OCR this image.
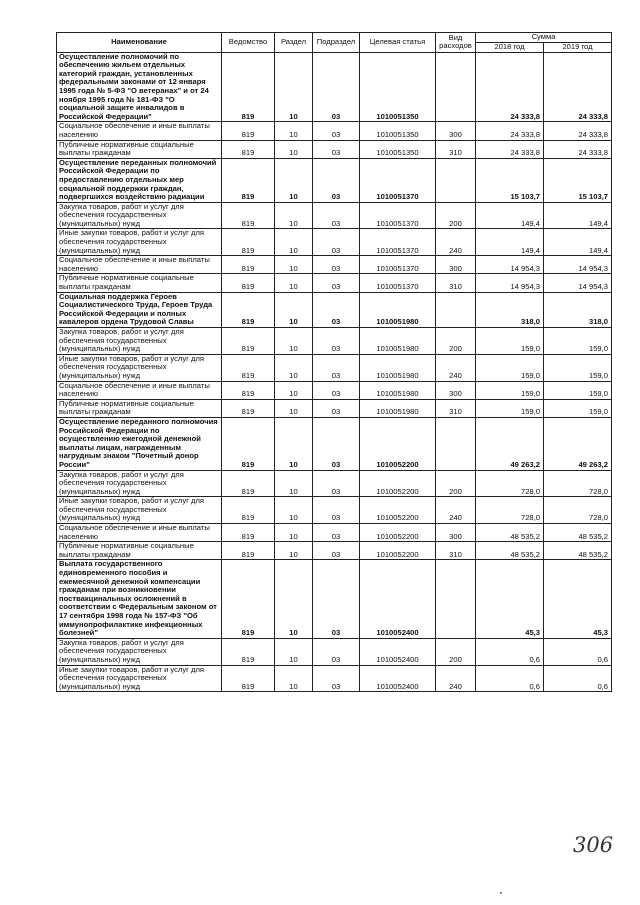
Наименование	Ведомство	Раздел	Подраздел	Целевая статья	Вид расходов	Сумма	
						2018 год	2019 год
Осуществление полномочий по обеспечению жильем отдельных категорий граждан, установленных федеральными законами от 12 января 1995 года № 5-ФЗ "О ветеранах" и от 24 ноября 1995 года № 181-ФЗ "О социальной защите инвалидов в Российской Федерации"	819	10	03	1010051350		24 333,8	24 333,8
Социальное обеспечение и иные выплаты населению	819	10	03	1010051350	300	24 333,8	24 333,8
Публичные нормативные социальные выплаты гражданам	819	10	03	1010051350	310	24 333,8	24 333,8
Осуществление переданных полномочий Российской Федерации по предоставлению отдельных мер социальной поддержки граждан, подвергшихся воздействию радиации	819	10	03	1010051370		15 103,7	15 103,7
Закупка товаров, работ и услуг для обеспечения государственных (муниципальных) нужд	819	10	03	1010051370	200	149,4	149,4
Иные закупки товаров, работ и услуг для обеспечения государственных (муниципальных) нужд	819	10	03	1010051370	240	149,4	149,4
Социальное обеспечение и иные выплаты населению	819	10	03	1010051370	300	14 954,3	14 954,3
Публичные нормативные социальные выплаты гражданам	819	10	03	1010051370	310	14 954,3	14 954,3
Социальная поддержка Героев Социалистического Труда, Героев Труда Российской Федерации и полных кавалеров ордена Трудовой Славы	819	10	03	1010051980		318,0	318,0
Закупка товаров, работ и услуг для обеспечения государственных (муниципальных) нужд	819	10	03	1010051980	200	159,0	159,0
Иные закупки товаров, работ и услуг для обеспечения государственных (муниципальных) нужд	819	10	03	1010051980	240	159,0	159,0
Социальное обеспечение и иные выплаты населению	819	10	03	1010051980	300	159,0	159,0
Публичные нормативные социальные выплаты гражданам	819	10	03	1010051980	310	159,0	159,0
Осуществление переданного полномочия Российской Федерации по осуществлению ежегодной денежной выплаты лицам, награжденным нагрудным знаком "Почетный донор России"	819	10	03	1010052200		49 263,2	49 263,2
Закупка товаров, работ и услуг для обеспечения государственных (муниципальных) нужд	819	10	03	1010052200	200	728,0	728,0
Иные закупки товаров, работ и услуг для обеспечения государственных (муниципальных) нужд	819	10	03	1010052200	240	728,0	728,0
Социальное обеспечение и иные выплаты населению	819	10	03	1010052200	300	48 535,2	48 535,2
Публичные нормативные социальные выплаты гражданам	819	10	03	1010052200	310	48 535,2	48 535,2
Выплата государственного единовременного пособия и ежемесячной денежной компенсации гражданам при возникновении поствакцинальных осложнений в соответствии с Федеральным законом от 17 сентября 1998 года № 157-ФЗ "Об иммунопрофилактике инфекционных болезней"	819	10	03	1010052400		45,3	45,3
Закупка товаров, работ и услуг для обеспечения государственных (муниципальных) нужд	819	10	03	1010052400	200	0,6	0,6
Иные закупки товаров, работ и услуг для обеспечения государственных (муниципальных) нужд	819	10	03	1010052400	240	0,6	0,6
306
